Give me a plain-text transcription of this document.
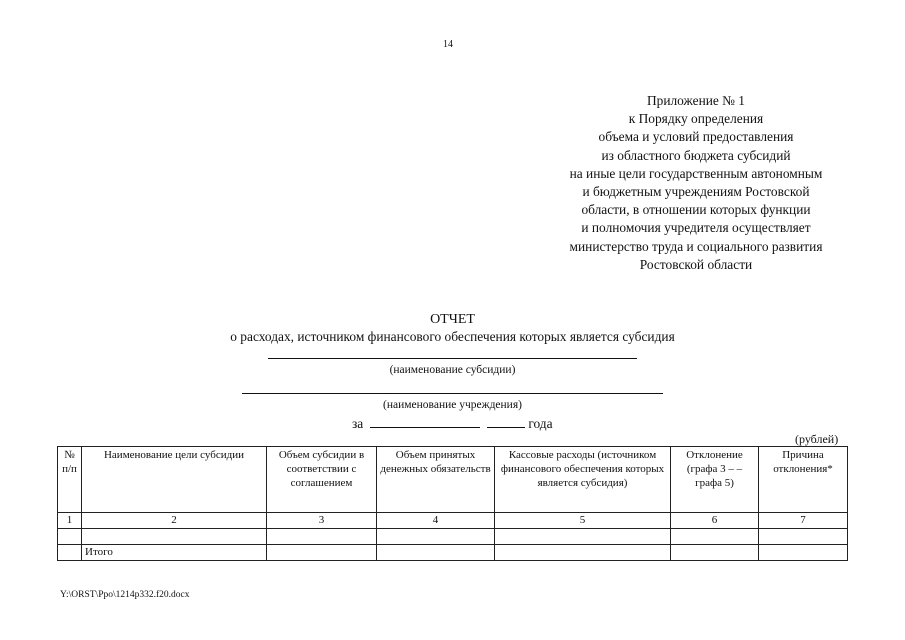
14
Приложение № 1
к Порядку определения
объема и условий предоставления
из областного бюджета субсидий
на иные цели государственным автономным
и бюджетным учреждениям Ростовской
области, в отношении которых функции
и полномочия учредителя осуществляет
министерство труда и социального развития
Ростовской области
ОТЧЕТ
о расходах, источником финансового обеспечения которых является субсидия
(наименование субсидии)
(наименование учреждения)
за	года
(рублей)
№ п/п	Наименование цели субсидии	Объем субсидии в соответствии с соглашением	Объем принятых денежных обязательств	Кассовые расходы (источником финансового обеспечения которых является субсидия)	Отклонение (графа 3 – – графа 5)	Причина отклонения*
1	2	3	4	5	6	7

	Итого					
Y:\ORST\Ppo\1214p332.f20.docx
